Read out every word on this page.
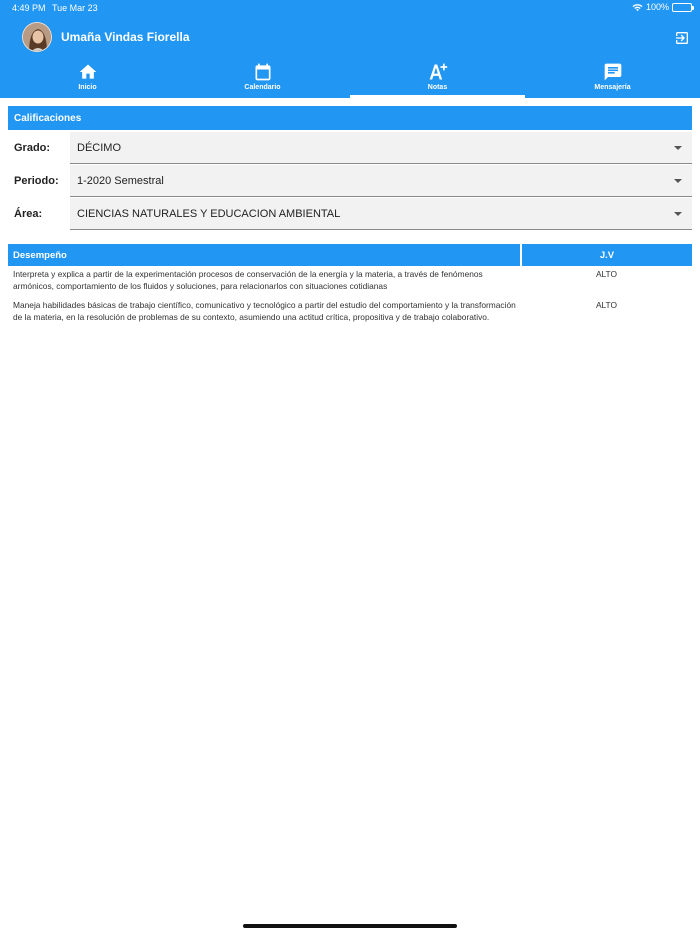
4:49 PM Tue Mar 23	100%
Umaña Vindas Fiorella
Inicio	Calendario	Notas	Mensajería
Calificaciones
Grado: DÉCIMO
Periodo: 1-2020 Semestral
Área:	CIENCIAS NATURALES Y EDUCACION AMBIENTAL
Desempeño	J.V
Interpreta y explica a partir de la experimentación procesos de conservación de la energía y la materia, a través de fenómenos armónicos, comportamiento de los fluidos y soluciones, para relacionarlos con situaciones cotidianas	ALTO
Maneja habilidades básicas de trabajo científico, comunicativo y tecnológico a partir del estudio del comportamiento y la transformación de la materia, en la resolución de problemas de su contexto, asumiendo una actitud crítica, propositiva y de trabajo colaborativo.	ALTO
